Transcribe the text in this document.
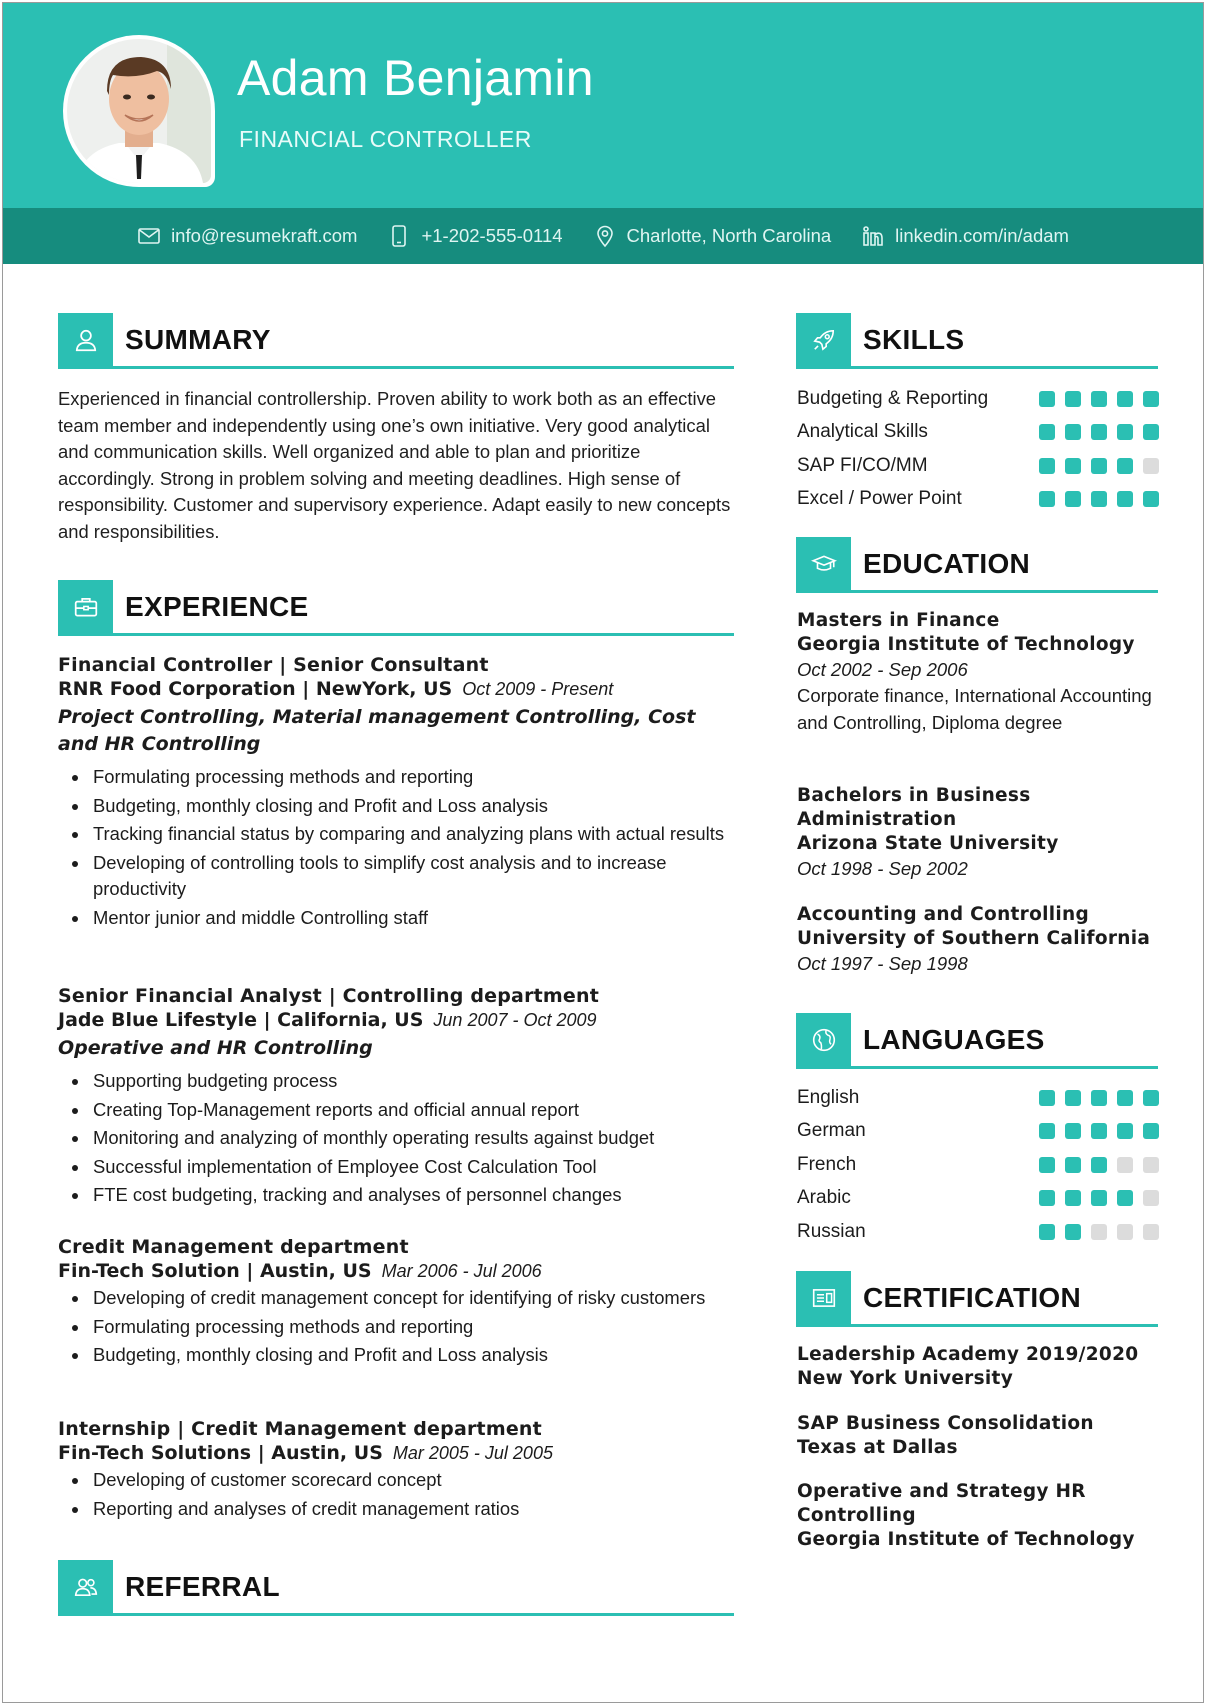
Adam Benjamin
FINANCIAL CONTROLLER
info@resumekraft.com	+1-202-555-0114	Charlotte, North Carolina	linkedin.com/in/adam
SUMMARY
Experienced in financial controllership. Proven ability to work both as an effective team member and independently using one’s own initiative. Very good analytical and communication skills. Well organized and able to plan and prioritize accordingly. Strong in problem solving and meeting deadlines. High sense of responsibility. Customer and supervisory experience. Adapt easily to new concepts and responsibilities.
EXPERIENCE
Financial Controller | Senior Consultant
RNR Food Corporation | NewYork, US Oct 2009 - Present
Project Controlling, Material management Controlling, Cost and HR Controlling
Formulating processing methods and reporting
Budgeting, monthly closing and Profit and Loss analysis
Tracking financial status by comparing and analyzing plans with actual results
Developing of controlling tools to simplify cost analysis and to increase productivity
Mentor junior and middle Controlling staff
Senior Financial Analyst | Controlling department
Jade Blue Lifestyle | California, US Jun 2007 - Oct 2009
Operative and HR Controlling
Supporting budgeting process
Creating Top-Management reports and official annual report
Monitoring and analyzing of monthly operating results against budget
Successful implementation of Employee Cost Calculation Tool
FTE cost budgeting, tracking and analyses of personnel changes
Credit Management department
Fin-Tech Solution | Austin, US Mar 2006 - Jul 2006
Developing of credit management concept for identifying of risky customers
Formulating processing methods and reporting
Budgeting, monthly closing and Profit and Loss analysis
Internship | Credit Management department
Fin-Tech Solutions | Austin, US Mar 2005 - Jul 2005
Developing of customer scorecard concept
Reporting and analyses of credit management ratios
REFERRAL
SKILLS
Budgeting & Reporting
Analytical Skills
SAP FI/CO/MM
Excel / Power Point
EDUCATION
Masters in Finance
Georgia Institute of Technology
Oct 2002 - Sep 2006
Corporate finance, International Accounting and Controlling, Diploma degree
Bachelors in Business Administration
Arizona State University
Oct 1998 - Sep 2002
Accounting and Controlling
University of Southern California
Oct 1997 - Sep 1998
LANGUAGES
English
German
French
Arabic
Russian
CERTIFICATION
Leadership Academy 2019/2020
New York University
SAP Business Consolidation
Texas at Dallas
Operative and Strategy HR Controlling
Georgia Institute of Technology
